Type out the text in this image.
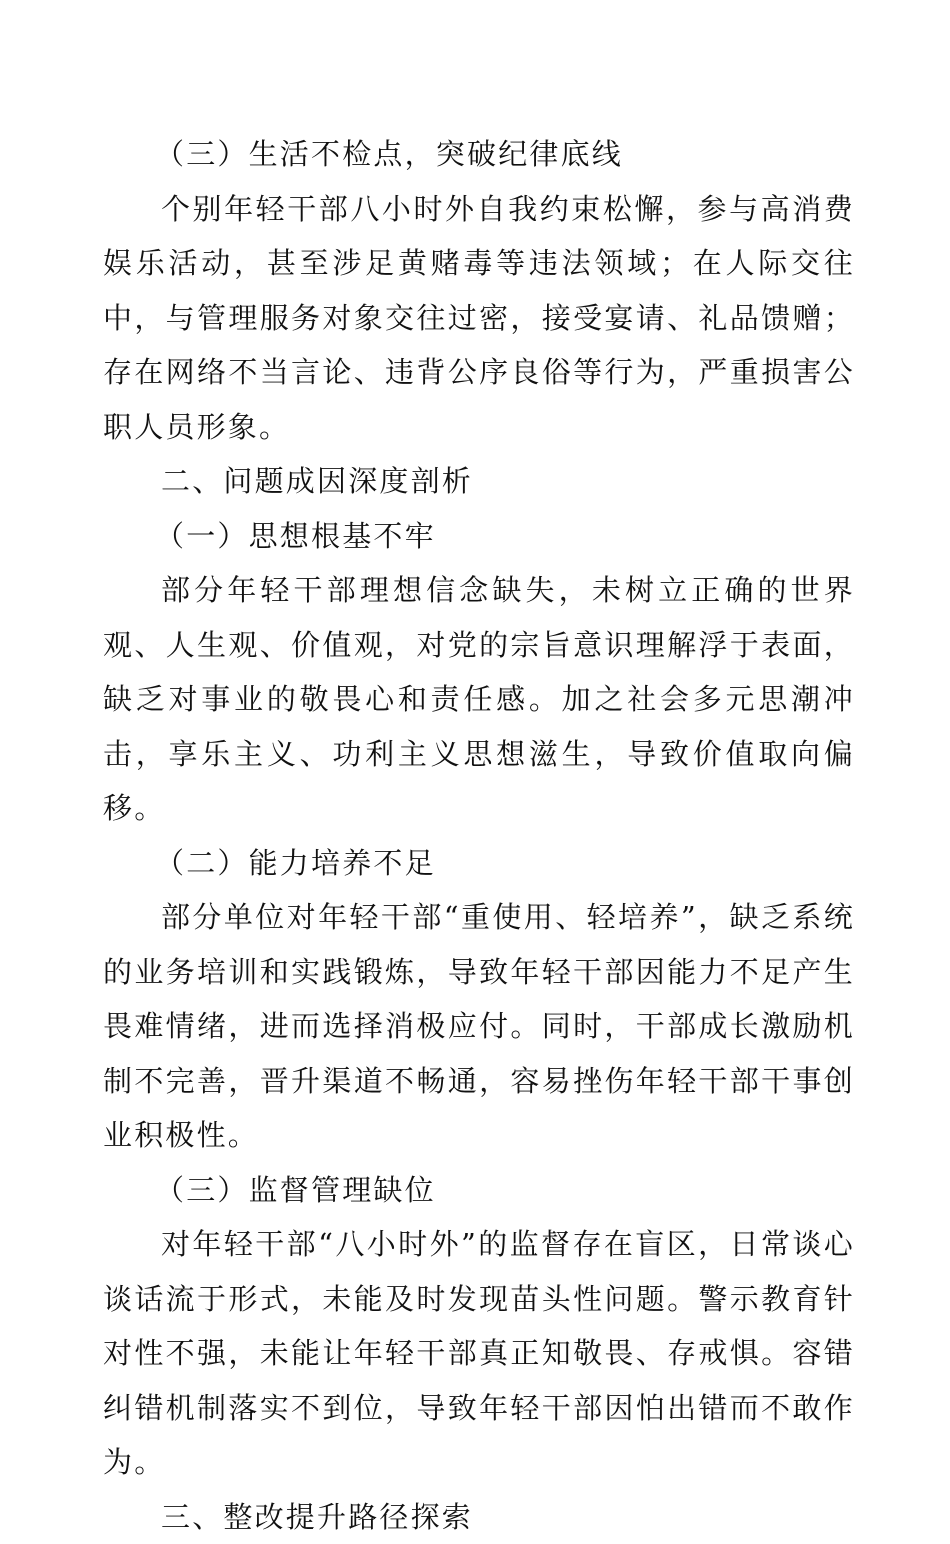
（三）生活不检点，突破纪律底线

个别年轻干部八小时外自我约束松懈，参与高消费娱乐活动，甚至涉足黄赌毒等违法领域；在人际交往中，与管理服务对象交往过密，接受宴请、礼品馈赠；存在网络不当言论、违背公序良俗等行为，严重损害公职人员形象。

二、问题成因深度剖析

（一）思想根基不牢

部分年轻干部理想信念缺失，未树立正确的世界观、人生观、价值观，对党的宗旨意识理解浮于表面，缺乏对事业的敬畏心和责任感。加之社会多元思潮冲击，享乐主义、功利主义思想滋生，导致价值取向偏移。

（二）能力培养不足

部分单位对年轻干部“重使用、轻培养”，缺乏系统的业务培训和实践锻炼，导致年轻干部因能力不足产生畏难情绪，进而选择消极应付。同时，干部成长激励机制不完善，晋升渠道不畅通，容易挫伤年轻干部干事创业积极性。

（三）监督管理缺位

对年轻干部“八小时外”的监督存在盲区，日常谈心谈话流于形式，未能及时发现苗头性问题。警示教育针对性不强，未能让年轻干部真正知敬畏、存戒惧。容错纠错机制落实不到位，导致年轻干部因怕出错而不敢作为。

三、整改提升路径探索
